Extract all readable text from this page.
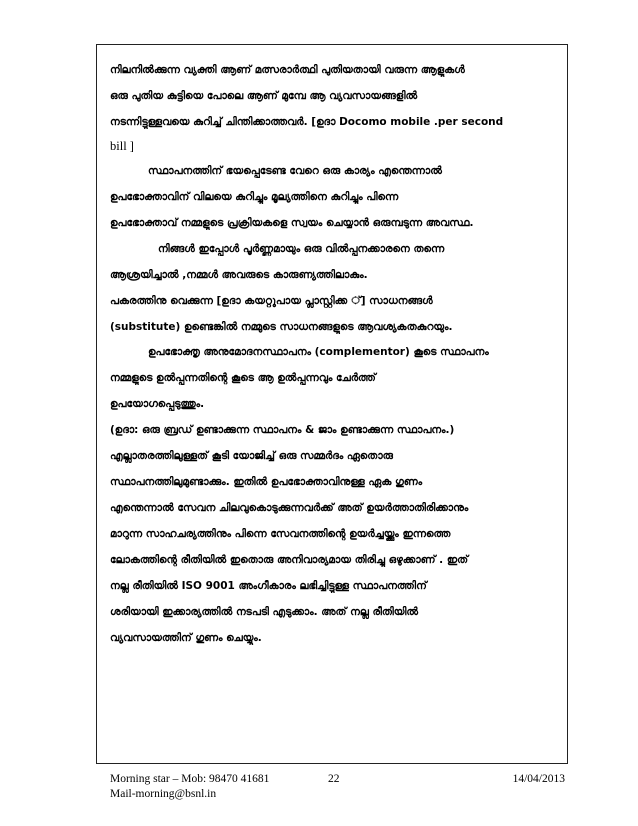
നിലനിൽക്കുന്ന വ്യക്തി ആണ് മത്സരാർത്ഥി പുതിയതായി വരുന്ന ആളുകൾ
ഒരു പുതിയ കുട്ടിയെ പോലെ ആണ് മുമ്പേ ആ വ്യവസായങ്ങളിൽ
നടന്നിട്ടുള്ളവയെ കുറിച്ച് ചിന്തിക്കാത്തവർ. [ഉദാ Docomo mobile .per second
bill ]
സ്ഥാപനത്തിന് ഭയപ്പെടേണ്ട വേറെ ഒരു കാര്യം എന്തെന്നാൽ
ഉപഭോക്താവിന് വിലയെ കുറിച്ചും മൂല്യത്തിനെ കുറിച്ചും പിന്നെ
ഉപഭോക്താവ് നമ്മളുടെ പ്രക്രിയകളെ സ്വയം ചെയ്യാൻ ഒരുമ്പടുന്ന അവസ്ഥ.
നിങ്ങൾ ഇപ്പോൾ പൂർണ്ണമായും ഒരു വിൽപ്പനക്കാരനെ തന്നെ
ആശ്രയിച്ചാൽ ,നമ്മൾ അവരുടെ കാരുണ്യത്തിലാകും.
പകരത്തിനു വെക്കുന്ന [ഉദാ കയറ്റുപായ പ്ലാസ്റ്റിക്ക ്] സാധനങ്ങൾ
(substitute) ഉണ്ടെങ്കിൽ നമ്മുടെ സാധനങ്ങളുടെ ആവശ്യകതകുറയും.
ഉപഭോക്തൃ അനുമോദനസ്ഥാപനം (complementor) കൂടെ സ്ഥാപനം
നമ്മളുടെ ഉൽപ്പന്നതിന്റെ കൂടെ ആ ഉൽപ്പന്നവും ചേർത്ത്
ഉപയോഗപ്പെടുത്തും.
(ഉദാ: ഒരു ബ്രഡ് ഉണ്ടാക്കുന്ന സ്ഥാപനം & ജാം ഉണ്ടാക്കുന്ന സ്ഥാപനം.)
എല്ലാതരത്തിലുള്ളത് കൂടി യോജിച്ച് ഒരു സമ്മർദം ഏതൊരു
സ്ഥാപനത്തിലുമുണ്ടാക്കും. ഇതിൽ ഉപഭോക്താവിനുള്ള ഏക ഗുണം
എന്തെന്നാൽ സേവന ചിലവുകൊടുക്കുന്നവർക്ക് അത് ഉയർത്താതിരിക്കാനും
മാറുന്ന സാഹചര്യത്തിനും പിന്നെ സേവനത്തിന്റെ ഉയർച്ചയ്ക്കും ഇന്നത്തെ
ലോകത്തിന്റെ രീതിയിൽ ഇതൊരു അനിവാര്യമായ തിരിച്ചു ഒഴുക്കാണ് . ഇത്
നല്ല രീതിയിൽ ISO 9001 അംഗീകാരം ലഭിച്ചിട്ടുള്ള സ്ഥാപനത്തിന്
ശരിയായി ഇക്കാര്യത്തിൽ നടപടി എടുക്കാം. അത് നല്ല രീതിയിൽ
വ്യവസായത്തിന് ഗുണം ചെയ്യും.
Morning star – Mob: 98470 41681	22	14/04/2013
Mail-morning@bsnl.in
